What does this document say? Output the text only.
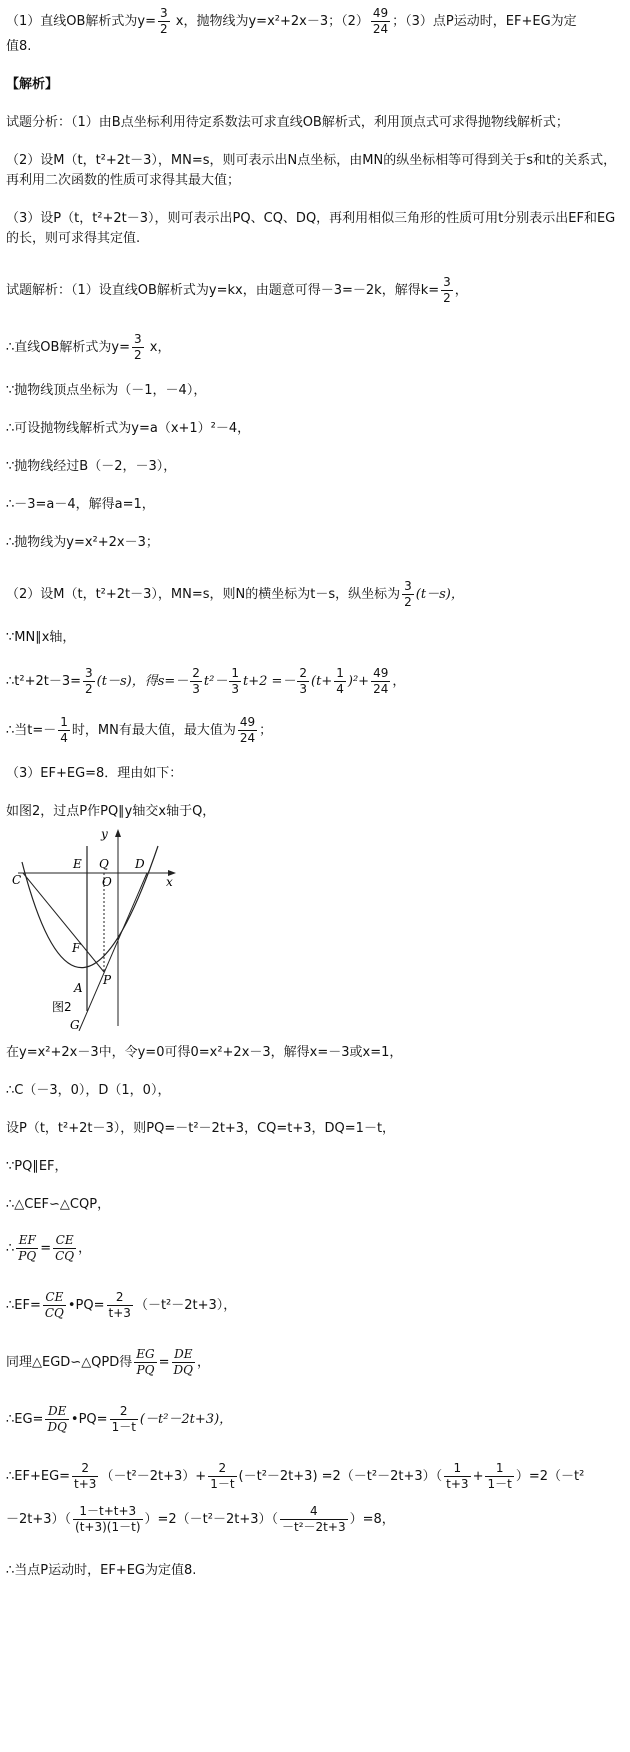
（1）直线OB解析式为$y= \frac{3}{2}$ x，抛物线为y=x²+2x－3；$(2) \frac{49}{24}$ ；（3）点P运动时，EF+EG为定

值8.

【解析】

试题分析：（1）由B点坐标利用待定系数法可求直线OB解析式，利用顶点式可求得抛物线解析式；

（2）设M（t，t²+2t－3），MN=s，则可表示出N点坐标，由MN的纵坐标相等可得到关于s和t的关系式，再利用二次函数的性质可求得其最大值；

（3）设P（t，t²+2t－3），则可表示出PQ、CQ、DQ，再利用相似三角形的性质可用t分别表示出EF和EG的长，则可求得其定值.

试题解析：（1）设直线OB解析式为y=kx，由题意可得－3=－2k，解得$k= \frac{3}{2}$ ，

∴直线OB解析式为$y= \frac{3}{2}$ x，

∵抛物线顶点坐标为（－1，－4），

∴可设抛物线解析式为y=a（x+1）²－4，

∵抛物线经过B（－2，－3），

∴－3=a－4，解得a=1，

∴抛物线为y=x²+2x－3；

（2）设M（t，t²+2t－3），MN=s，则N的横坐标为t－s，纵坐标为 $\frac{3}{2} (t-s)$，

∵MN∥x轴，

∴t²+2t－3= $\frac{3}{2} (t-s)$，得$s=- \frac{2}{3} t^2- \frac{1}{3} t+2 =- \frac{2}{3} (t+ \frac{1}{4} )^2+ \frac{49}{24}$ ，

∴当$t=- \frac{1}{4}$ 时，MN有最大值，最大值为 $\frac{49}{24}$ ；

（3）EF+EG=8．理由如下：

如图2，过点P作PQ∥y轴交x轴于Q，

C
E Q D
O
y
x
F
A
P
G
图2

在y=x²+2x－3中，令y=0可得0=x²+2x－3，解得x=－3或x=1，

∴C（－3，0），D（1，0），

设P（t，t²+2t－3），则PQ=－t²－2t+3，CQ=t+3，DQ=1－t，

∵PQ∥EF，

∴△CEF∽△CQP，

∴ $\frac{EF}{PQ} = \frac{CE}{CQ}$ ，

∴EF= $\frac{CE}{CQ}$ •PQ= $\frac{2}{t+3} (-t^2-2t+3)$，

同理△EGD∽△QPD得 $\frac{EG}{PQ} = \frac{DE}{DQ}$ ，

∴EG= $\frac{DE}{DQ}$ •PQ= $\frac{2}{1-t} (-t^2-2t+3)$，

∴EF+EG= $\frac{2}{t+3} (-t^2-2t+3)+ \frac{2}{1-t} (-t^2-2t+3) =2(-t^2-2t+3)( \frac{1}{t+3} + \frac{1}{1-t} )=2(-t^2$

$-2t+3)( \frac{1-t+t+3}{(t+3)(1-t)} )=2(-t^2-2t+3)( \frac{4}{\text{－t²－2t+3}} )=8$，

∴当点P运动时，EF+EG为定值8.
